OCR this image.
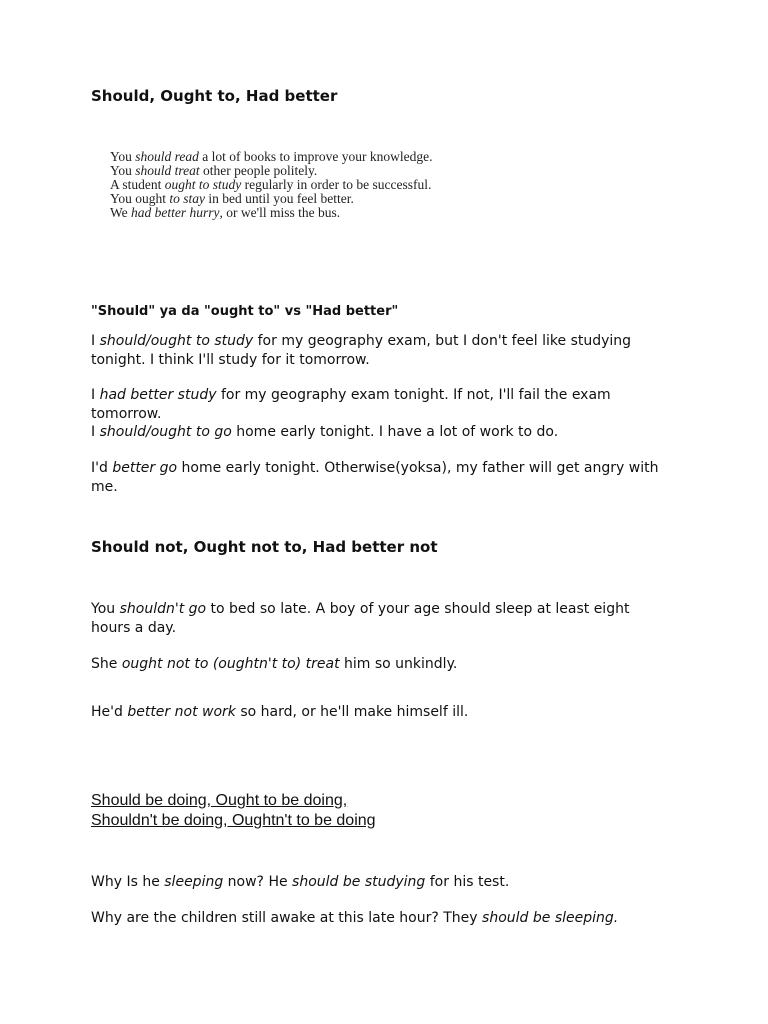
Should, Ought to, Had better
You should read a lot of books to improve your knowledge.
You should treat other people politely.
A student ought to study regularly in order to be successful.
You ought to stay in bed until you feel better.
We had better hurry, or we'll miss the bus.
"Should" ya da "ought to" vs "Had better"

I should/ought to study for my geography exam, but I don't feel like studying tonight. I think I'll study for it tomorrow.

I had better study for my geography exam tonight. If not, I'll fail the exam tomorrow.

I should/ought to go home early tonight. I have a lot of work to do.

I'd better go home early tonight. Otherwise(yoksa), my father will get angry with me.

Should not, Ought not to, Had better not

You shouldn't go to bed so late. A boy of your age should sleep at least eight hours a day.

She ought not to (oughtn't to) treat him so unkindly.

He'd better not work so hard, or he'll make himself ill.

Should be doing, Ought to be doing,
Shouldn't be doing, Oughtn't to be doing

Why Is he sleeping now? He should be studying for his test.

Why are the children still awake at this late hour? They should be sleeping.
